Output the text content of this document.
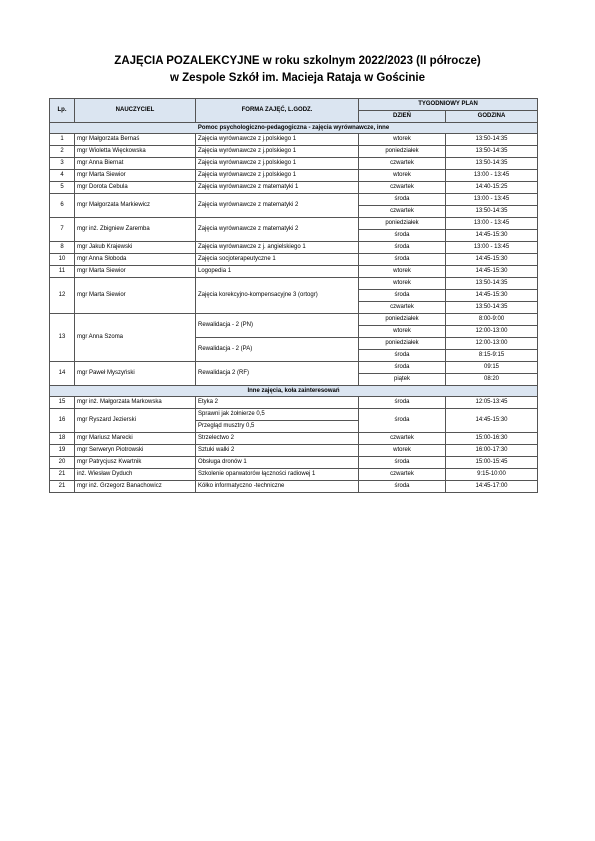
ZAJĘCIA POZALEKCYJNE w roku szkolnym 2022/2023 (II półrocze)
w Zespole Szkół im. Macieja Rataja w Gościnie
Lp.	NAUCZYCIEL	FORMA ZAJĘĆ, L.GODZ.	TYGODNIOWY PLAN	
			DZIEŃ	GODZINA
Pomoc psychologiczno-pedagogiczna - zajęcia wyrównawcze, inne				
1	mgr Małgorzata Bernaś	Zajęcia wyrównawcze z j.polskiego 1	wtorek	13:50-14:35

2	mgr Wioletta Więckowska	Zajęcia wyrównawcze z j.polskiego 1	poniedziałek	13:50-14:35

3	mgr Anna Biernat	Zajęcia wyrównawcze z j.polskiego 1	czwartek	13:50-14:35

4	mgr Marta Siewior	Zajęcia wyrównawcze z j.polskiego 1	wtorek	13:00 - 13:45

5	mgr Dorota Cebula	Zajęcia wyrównawcze z matematyki 1	czwartek	14:40-15:25

6	mgr Małgorzata Markiewicz	Zajęcia wyrównawcze z matematyki 2	środa	13:00 - 13:45
			czwartek	13:50-14:35
7	mgr inż. Zbigniew Zaremba	Zajęcia wyrównawcze z matematyki 2	poniedziałek	13:00 - 13:45
			środa	14:45-15:30
8	mgr Jakub Krajewski	Zajęcia wyrównawcze z j. angielskiego 1	środa	13:00 - 13:45

10	mgr Anna Słoboda	Zajęcia socjoterapeutyczne 1	środa	14:45-15:30

11	mgr Marta Siewior	Logopedia 1	wtorek	14:45-15:30

12	mgr Marta Siewior	Zajęcia korekcyjno-kompensacyjne 3 (ortogr)	wtorek	13:50-14:35
			środa	14:45-15:30
			czwartek	13:50-14:35
13	mgr Anna Szoma	Rewalidacja - 2 (PN)	poniedziałek	8:00-9:00
			wtorek	12:00-13:00
		Rewalidacja - 2 (PA)	poniedziałek	12:00-13:00
			środa	8:15-9:15
14	mgr Paweł Myszyński	Rewalidacja 2 (RF)	środa	09:15
			piątek	08:20
Inne zajęcia, koła zainteresowań				
15	mgr inż. Małgorzata Markowska	Etyka 2	środa	12:05-13:45

16	mgr Ryszard Jezierski	Sprawni jak żołnierze 0,5	środa	14:45-15:30
		Przegląd musztry 0,5		
18	mgr Mariusz Marecki	Strzelectwo 2	czwartek	15:00-16:30

19	mgr Serweryn Piotrowski	Sztuki walki 2	wtorek	16:00-17:30

20	mgr Patrycjusz Kwartnik	Obsługa dronów 1	środa	15:00-15:45

21	inż. Wiesław Dyduch	Szkolenie oparwatorów łączności radiowej 1	czwartek	9:15-10:00

21	mgr inż. Grzegorz Banachowicz	Kółko informatyczno -techniczne	środa	14:45-17:00
